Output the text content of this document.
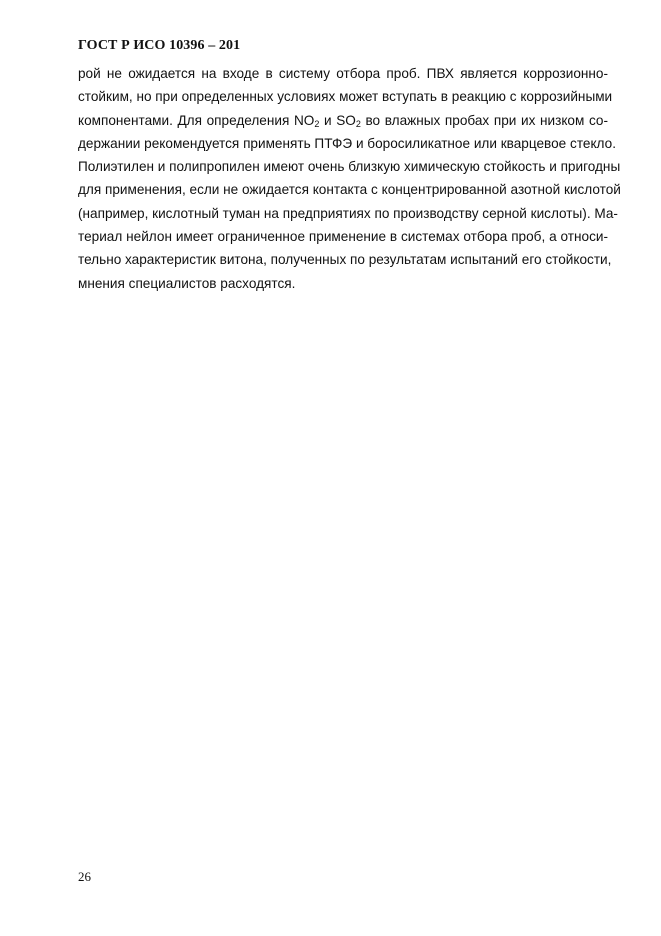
ГОСТ Р ИСО 10396 – 201
рой не ожидается на входе в систему отбора проб. ПВХ является коррозионно-
стойким, но при определенных условиях может вступать в реакцию с коррозийными
компонентами. Для определения $NO_2$ и $SO_2$ во влажных пробах при их низком со-
держании рекомендуется применять ПТФЭ и боросиликатное или кварцевое стекло.
Полиэтилен и полипропилен имеют очень близкую химическую стойкость и пригодны
для применения, если не ожидается контакта с концентрированной азотной кислотой
(например, кислотный туман на предприятиях по производству серной кислоты). Ма-
териал нейлон имеет ограниченное применение в системах отбора проб, а относи-
тельно характеристик витона, полученных по результатам испытаний его стойкости,
мнения специалистов расходятся.
26
